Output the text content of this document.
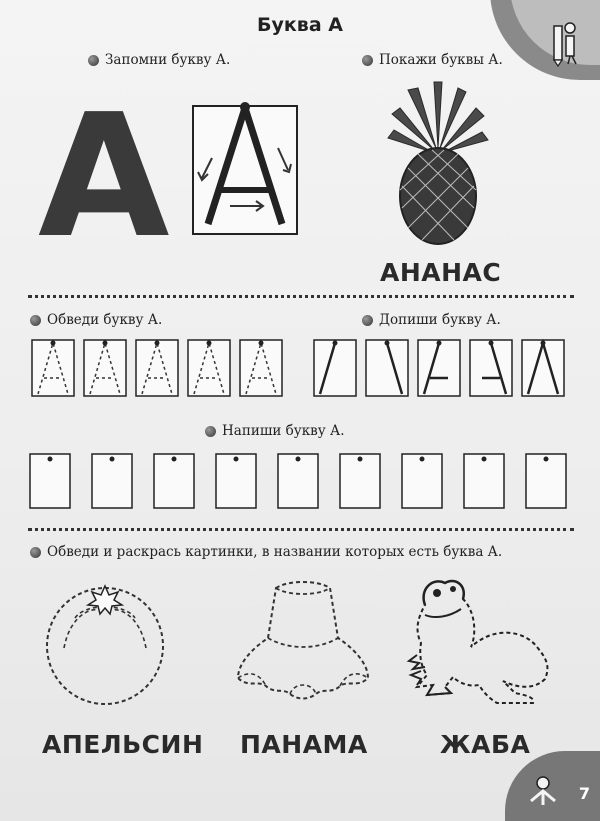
Буква А
Запомни букву А.	Покажи буквы А.
А	АНАНАС
Обведи букву А.	Допиши букву А.
Напиши букву А.
Обведи и раскрась картинки, в названии которых есть буква А.
АПЕЛЬСИН ПАНАМА	ЖАБА
7
